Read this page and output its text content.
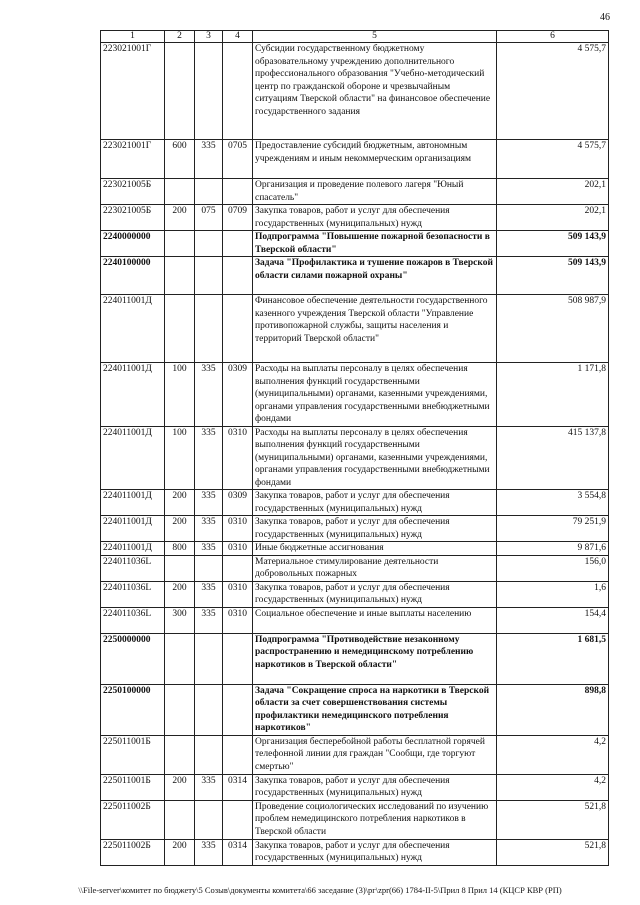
46
1	2	3	4	5	6
223021001Г				Субсидии государственному бюджетному образовательному учреждению дополнительного профессионального образования "Учебно-методический центр по гражданской обороне и чрезвычайным ситуациям Тверской области" на финансовое обеспечение государственного задания	4 575,7
223021001Г	600	335	0705	Предоставление субсидий бюджетным, автономным учреждениям и иным некоммерческим организациям	4 575,7
223021005Б				Организация и проведение полевого лагеря "Юный спасатель"	202,1
223021005Б	200	075	0709	Закупка товаров, работ и услуг для обеспечения государственных (муниципальных) нужд	202,1
2240000000				Подпрограмма "Повышение пожарной безопасности в Тверской области"	509 143,9
2240100000				Задача "Профилактика и тушение пожаров в Тверской области силами пожарной охраны"	509 143,9
224011001Д				Финансовое обеспечение деятельности государственного казенного учреждения Тверской области "Управление противопожарной службы, защиты населения и территорий Тверской области"	508 987,9
224011001Д	100	335	0309	Расходы на выплаты персоналу в целях обеспечения выполнения функций государственными (муниципальными) органами, казенными учреждениями, органами управления государственными внебюджетными фондами	1 171,8
224011001Д	100	335	0310	Расходы на выплаты персоналу в целях обеспечения выполнения функций государственными (муниципальными) органами, казенными учреждениями, органами управления государственными внебюджетными фондами	415 137,8
224011001Д	200	335	0309	Закупка товаров, работ и услуг для обеспечения государственных (муниципальных) нужд	3 554,8
224011001Д	200	335	0310	Закупка товаров, работ и услуг для обеспечения государственных (муниципальных) нужд	79 251,9
224011001Д	800	335	0310	Иные бюджетные ассигнования	9 871,6
224011036L				Материальное стимулирование деятельности добровольных пожарных	156,0
224011036L	200	335	0310	Закупка товаров, работ и услуг для обеспечения государственных (муниципальных) нужд	1,6
224011036L	300	335	0310	Социальное обеспечение и иные выплаты населению	154,4
2250000000				Подпрограмма "Противодействие незаконному распространению и немедицинскому потреблению наркотиков в Тверской области"	1 681,5
2250100000				Задача "Сокращение спроса на наркотики в Тверской области за счет совершенствования системы профилактики немедицинского потребления наркотиков"	898,8
225011001Б				Организация бесперебойной работы бесплатной горячей телефонной линии для граждан "Сообщи, где торгуют смертью"	4,2
225011001Б	200	335	0314	Закупка товаров, работ и услуг для обеспечения государственных (муниципальных) нужд	4,2
225011002Б				Проведение социологических исследований по изучению проблем немедицинского потребления наркотиков в Тверской области	521,8
225011002Б	200	335	0314	Закупка товаров, работ и услуг для обеспечения государственных (муниципальных) нужд	521,8
\\File-server\комитет по бюджету\5 Созыв\документы комитета\66 заседание (3)\рг\zpr(66) 1784-II-5\Прил 8 Прил 14 (КЦСР КВР (РП)
